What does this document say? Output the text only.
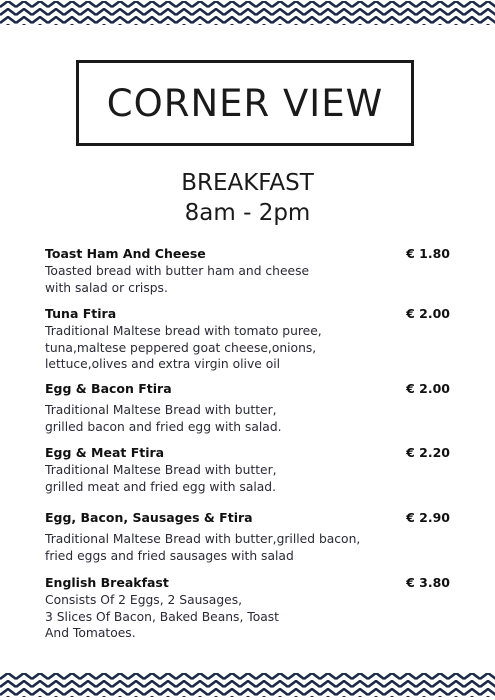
CORNER VIEW
BREAKFAST
8am - 2pm
Toast Ham And Cheese	€ 1.80
Toasted bread with butter ham and cheese
with salad or crisps.
Tuna Ftira	€ 2.00
Traditional Maltese bread with tomato puree,
tuna,maltese peppered goat cheese,onions,
lettuce,olives and extra virgin olive oil
Egg & Bacon Ftira	€ 2.00
Traditional Maltese Bread with butter,
grilled bacon and fried egg with salad.
Egg & Meat Ftira	€ 2.20
Traditional Maltese Bread with butter,
grilled meat and fried egg with salad.
Egg, Bacon, Sausages & Ftira	€ 2.90
Traditional Maltese Bread with butter,grilled bacon,
fried eggs and fried sausages with salad
English Breakfast	€ 3.80
Consists Of 2 Eggs, 2 Sausages,
3 Slices Of Bacon, Baked Beans, Toast
And Tomatoes.
